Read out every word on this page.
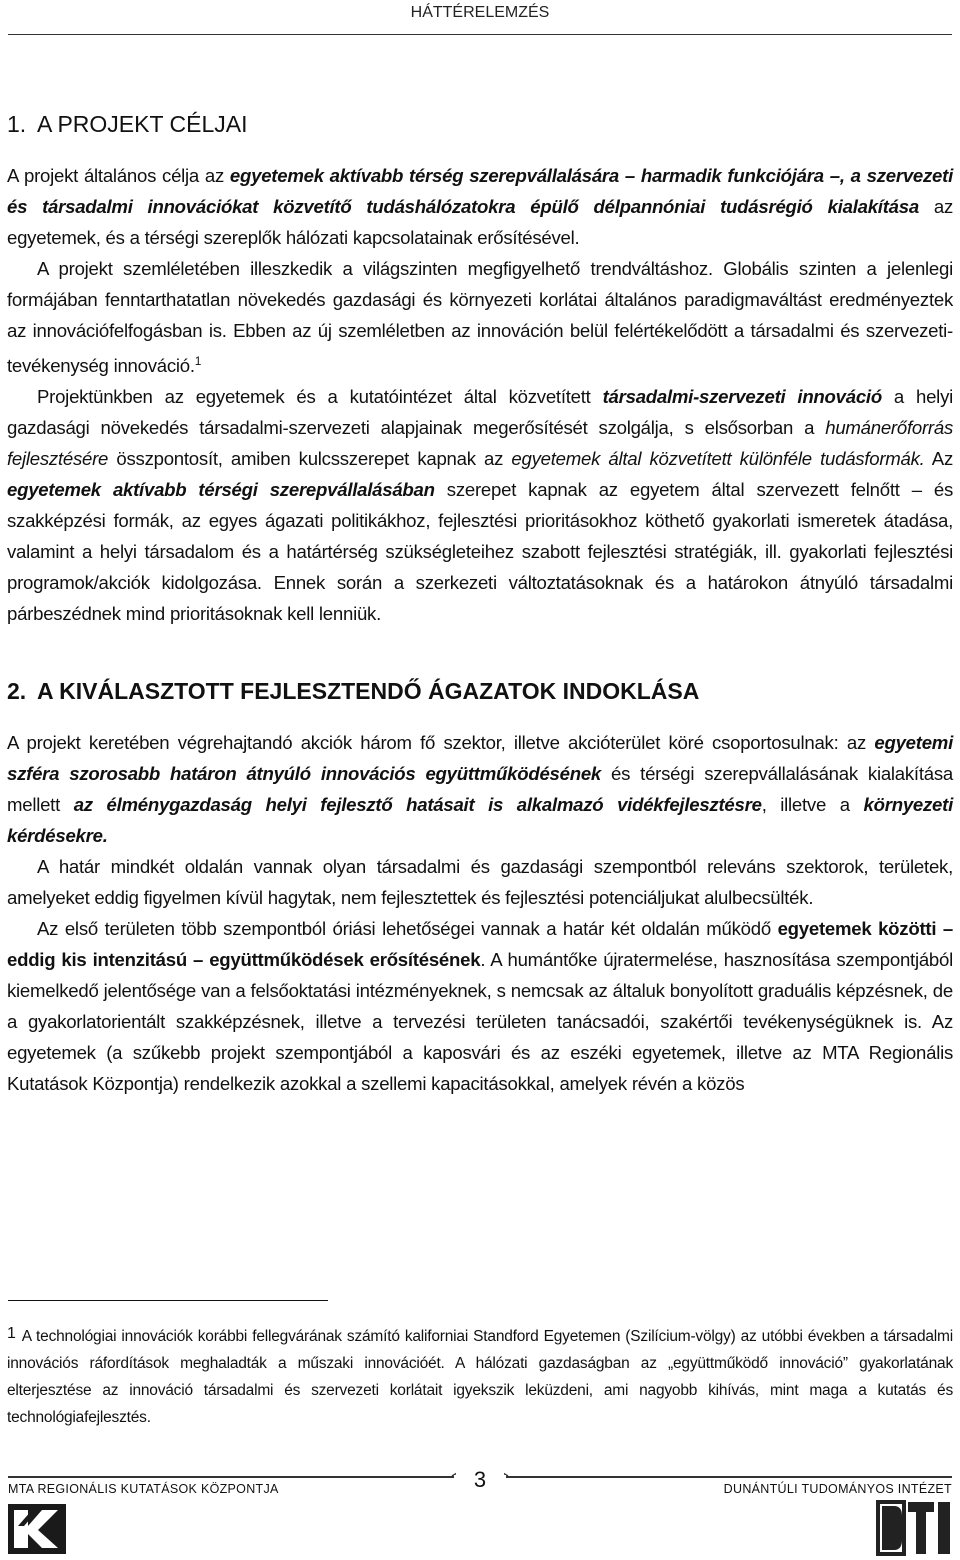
HÁTTÉRELEMZÉS
1. A PROJEKT CÉLJAI

A projekt általános célja az egyetemek aktívabb térség szerepvállalására – harmadik funkciójára –, a szervezeti és társadalmi innovációkat közvetítő tudáshálózatokra épülő délpannóniai tudásrégió kialakítása az egyetemek, és a térségi szereplők hálózati kapcsolatainak erősítésével.

A projekt szemléletében illeszkedik a világszinten megfigyelhető trendváltáshoz. Globális szinten a jelenlegi formájában fenntarthatatlan növekedés gazdasági és környezeti korlátai általános paradigmaváltást eredményeztek az innovációfelfogásban is. Ebben az új szemléletben az innováción belül felértékelődött a társadalmi és szervezeti-tevékenység innováció.$^1$

Projektünkben az egyetemek és a kutatóintézet által közvetített társadalmi-szervezeti innováció a helyi gazdasági növekedés társadalmi-szervezeti alapjainak megerősítését szolgálja, s elsősorban a humánerőforrás fejlesztésére összpontosít, amiben kulcsszerepet kapnak az egyetemek által közvetített különféle tudásformák. Az egyetemek aktívabb térségi szerepvállalásában szerepet kapnak az egyetem által szervezett felnőtt – és szakképzési formák, az egyes ágazati politikákhoz, fejlesztési prioritásokhoz köthető gyakorlati ismeretek átadása, valamint a helyi társadalom és a határtérség szükségleteihez szabott fejlesztési stratégiák, ill. gyakorlati fejlesztési programok/akciók kidolgozása. Ennek során a szerkezeti változtatásoknak és a határokon átnyúló társadalmi párbeszédnek mind prioritásoknak kell lenniük.

2. A KIVÁLASZTOTT FEJLESZTENDŐ ÁGAZATOK INDOKLÁSA

A projekt keretében végrehajtandó akciók három fő szektor, illetve akcióterület köré csoportosulnak: az egyetemi szféra szorosabb határon átnyúló innovációs együttműködésének és térségi szerepvállalásának kialakítása mellett az élménygazdaság helyi fejlesztő hatásait is alkalmazó vidékfejlesztésre, illetve a környezeti kérdésekre.

A határ mindkét oldalán vannak olyan társadalmi és gazdasági szempontból releváns szektorok, területek, amelyeket eddig figyelmen kívül hagytak, nem fejlesztettek és fejlesztési potenciáljukat alulbecsülték.

Az első területen több szempontból óriási lehetőségei vannak a határ két oldalán működő egyetemek közötti – eddig kis intenzitású – együttműködések erősítésének. A humántőke újratermelése, hasznosítása szempontjából kiemelkedő jelentősége van a felsőoktatási intézményeknek, s nemcsak az általuk bonyolított graduális képzésnek, de a gyakorlatorientált szakképzésnek, illetve a tervezési területen tanácsadói, szakértői tevékenységüknek is. Az egyetemek (a szűkebb projekt szempontjából a kaposvári és az eszéki egyetemek, illetve az MTA Regionális Kutatások Központja) rendelkezik azokkal a szellemi kapacitásokkal, amelyek révén a közös

1 A technológiai innovációk korábbi fellegvárának számító kaliforniai Standford Egyetemen (Szilícium-völgy) az utóbbi években a társadalmi innovációs ráfordítások meghaladták a műszaki innovációét. A hálózati gazdaságban az „együttműködő innováció” gyakorlatának elterjesztése az innováció társadalmi és szervezeti korlátait igyekszik leküzdeni, ami nagyobb kihívás, mint maga a kutatás és technológiafejlesztés.
3
MTA REGIONÁLIS KUTATÁSOK KÖZPONTJA	DUNÁNTÚLI TUDOMÁNYOS INTÉZET
